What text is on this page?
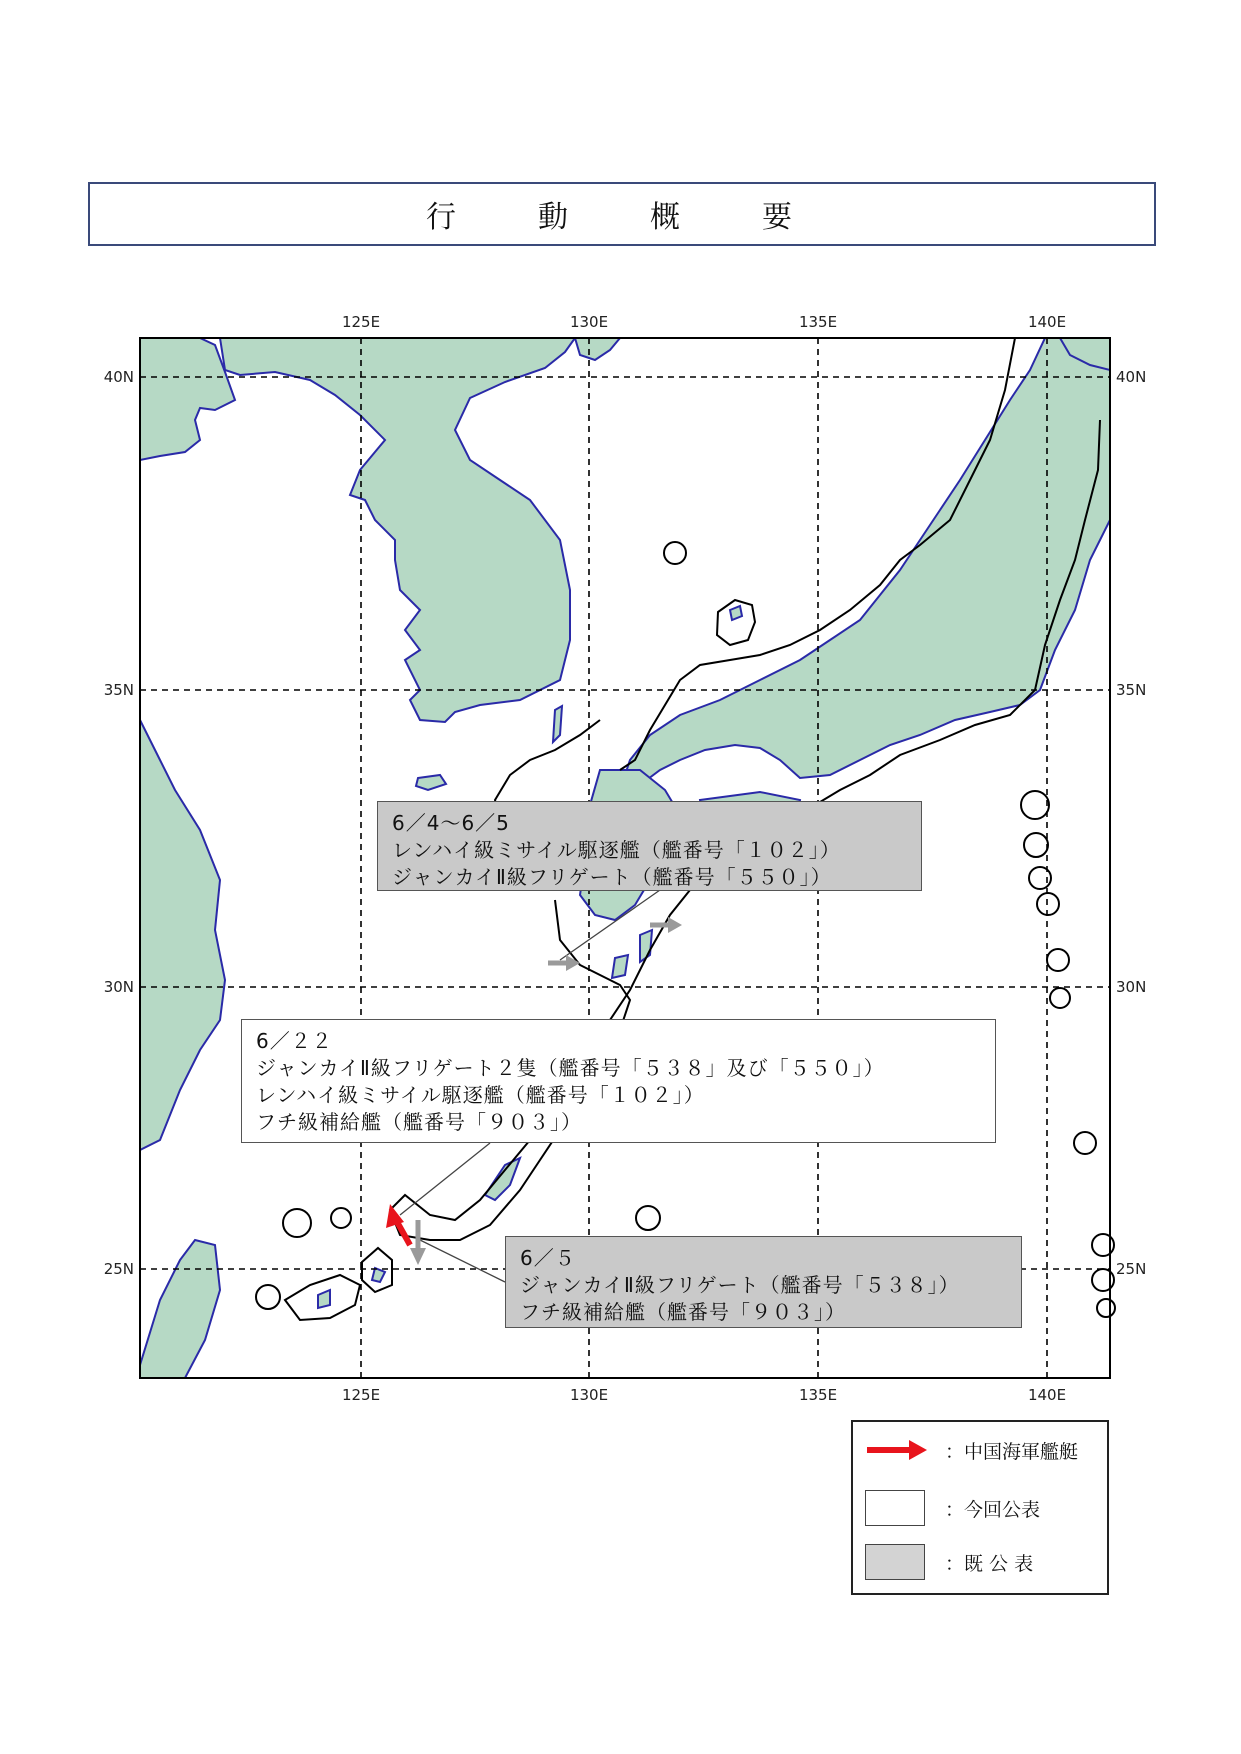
行　動　概　要
125E
125E
130E
130E
135E
135E
140E
140E
40N	40N
35N	35N
30N	30N
25N	25N
6／4～6／5
レンハイ級ミサイル駆逐艦（艦番号「１０２」）
ジャンカイⅡ級フリゲート（艦番号「５５０」）
6／２２
ジャンカイⅡ級フリゲート２隻（艦番号「５３８」及び「５５０」）
レンハイ級ミサイル駆逐艦（艦番号「１０２」）
フチ級補給艦（艦番号「９０３」）
6／５
ジャンカイⅡ級フリゲート（艦番号「５３８」）
フチ級補給艦（艦番号「９０３」）
：中国海軍艦艇
：今回公表
：既 公 表
